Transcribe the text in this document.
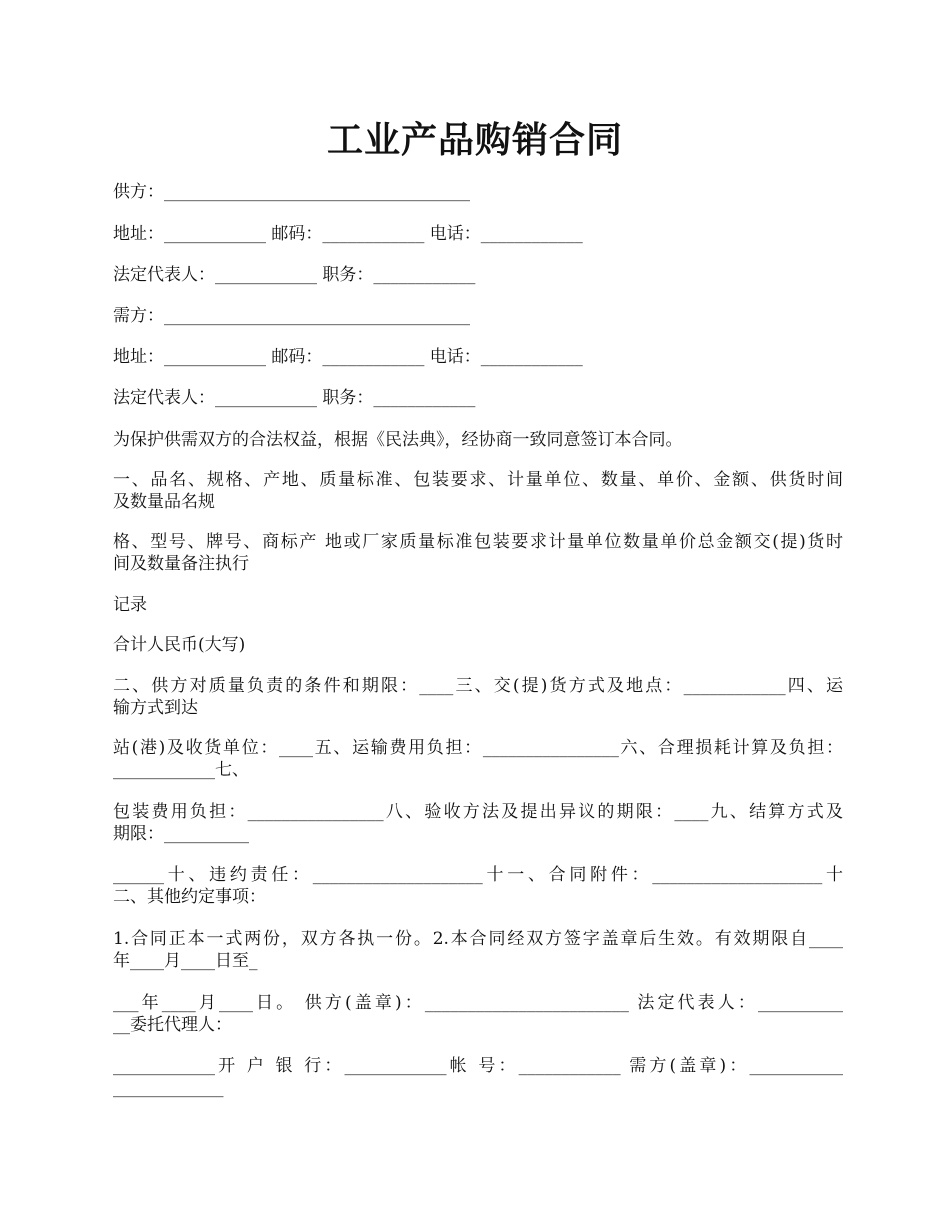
工业产品购销合同

供方：____________________________________

地址：____________ 邮码：____________ 电话：____________

法定代表人：____________ 职务：____________

需方：____________________________________

地址：____________ 邮码：____________ 电话：____________

法定代表人：____________ 职务：____________

为保护供需双方的合法权益，根据《民法典》，经协商一致同意签订本合同。

一、品名、规格、产地、质量标准、包装要求、计量单位、数量、单价、金额、供货时间

及数量品名规

格、型号、牌号、商标产 地或厂家质量标准包装要求计量单位数量单价总金额交(提)货时

间及数量备注执行

记录

合计人民币(大写)

二、供方对质量负责的条件和期限：____三、交(提)货方式及地点：____________四、运

输方式到达

站(港)及收货单位：____五、运输费用负担：________________六、合理损耗计算及负担：

____________七、

包装费用负担：________________八、验收方法及提出异议的期限：____九、结算方式及

期限：__________

______十、违约责任：____________________十一、合同附件：____________________十

二、其他约定事项：

1.合同正本一式两份，双方各执一份。2.本合同经双方签字盖章后生效。有效期限自____

年____月____日至_

___年____月____日。 供方(盖章)：________________________ 法定代表人：__________

__委托代理人：

____________开 户 银 行：____________帐 号：____________ 需方(盖章)：___________

_____________
